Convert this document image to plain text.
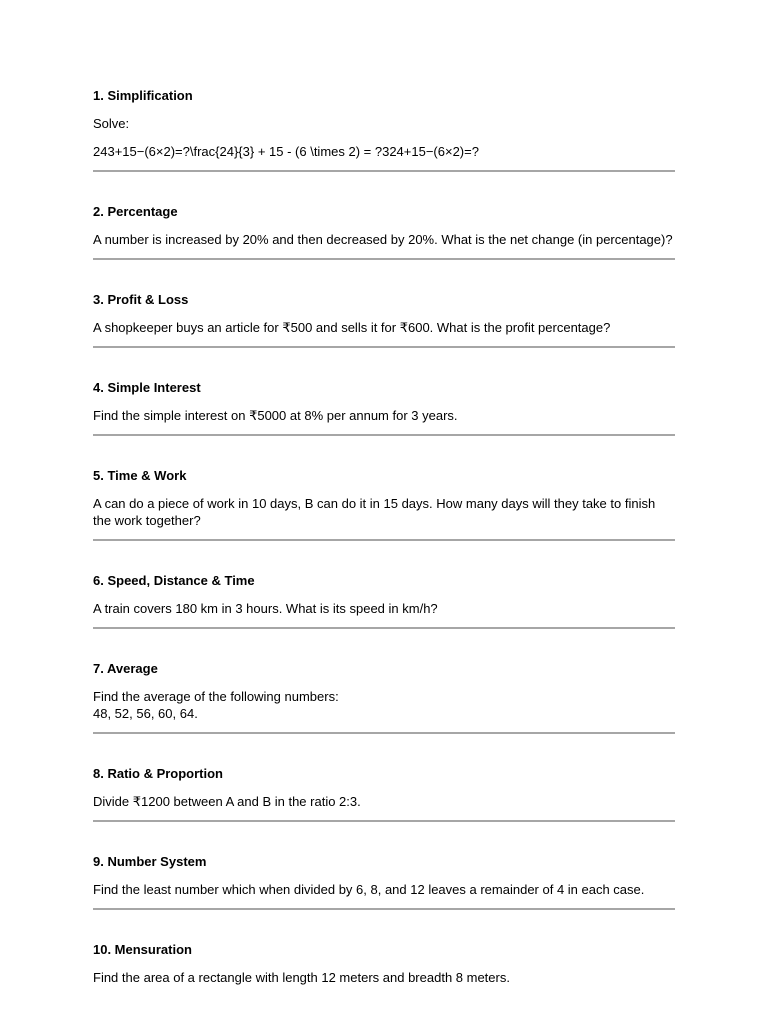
1. Simplification
Solve:
243+15−(6×2)=?\frac{24}{3} + 15 - (6 \times 2) = ?324+15−(6×2)=?
2. Percentage
A number is increased by 20% and then decreased by 20%. What is the net change (in percentage)?
3. Profit & Loss
A shopkeeper buys an article for ₹500 and sells it for ₹600. What is the profit percentage?
4. Simple Interest
Find the simple interest on ₹5000 at 8% per annum for 3 years.
5. Time & Work
A can do a piece of work in 10 days, B can do it in 15 days. How many days will they take to finish the work together?
6. Speed, Distance & Time
A train covers 180 km in 3 hours. What is its speed in km/h?
7. Average
Find the average of the following numbers:
48, 52, 56, 60, 64.
8. Ratio & Proportion
Divide ₹1200 between A and B in the ratio 2:3.
9. Number System
Find the least number which when divided by 6, 8, and 12 leaves a remainder of 4 in each case.
10. Mensuration
Find the area of a rectangle with length 12 meters and breadth 8 meters.
